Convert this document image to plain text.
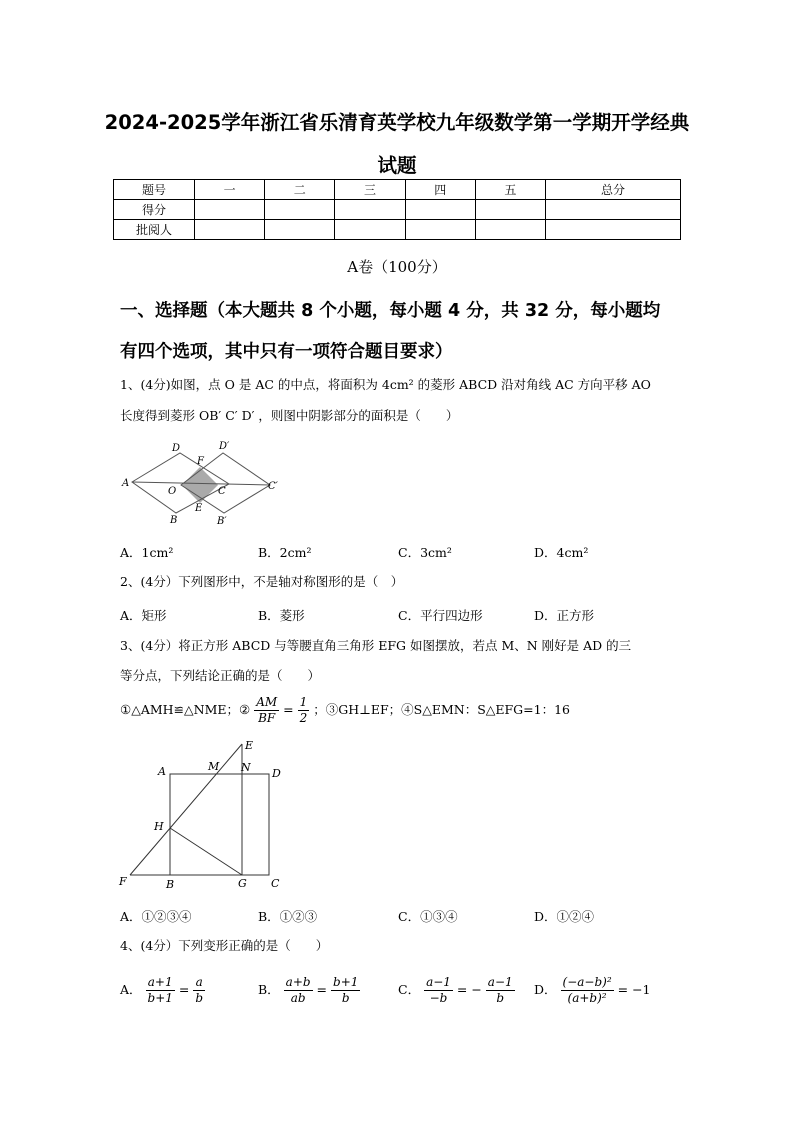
2024-2025学年浙江省乐清育英学校九年级数学第一学期开学经典
试题
题号	一	二	三	四	五	总分
得分						
批阅人						
A卷（100分）
一、选择题（本大题共 8 个小题，每小题 4 分，共 32 分，每小题均
有四个选项，其中只有一项符合题目要求）
1、(4分)如图，点 O 是 AC 的中点，将面积为 4cm² 的菱形 ABCD 沿对角线 AC 方向平移 AO
长度得到菱形 OB′ C′ D′ ，则图中阴影部分的面积是（　　）
D	D′
F
A
O	C	C′
E
B	B′
A．1cm²	B．2cm²	C．3cm²	D．4cm²
2、(4分）下列图形中，不是轴对称图形的是（　）
A．矩形	B．菱形	C．平行四边形	D．正方形
3、(4分）将正方形 ABCD 与等腰直角三角形 EFG 如图摆放，若点 M、N 刚好是 AD 的三
等分点，下列结论正确的是（　　）
①△AMH≌△NME；② $\frac{AM}{BF} = \frac{1}{2}$ ；③GH⊥EF；④S△EMN：S△EFG=1：16
E
A	M N D
H
F	B	G C
A．①②③④	B．①②③	C．①③④	D．①②④
4、(4分）下列变形正确的是（　　）
A． $\frac{a+1}{b+1} = \frac{a}{b}$	B． $\frac{a+b}{ab} = \frac{b+1}{b}$	C． $\frac{a-1}{-b}$ = − $\frac{a-1}{b}$ D． $\frac{\text{(−a−b)²}}{\text{(a+b)²}} = -1$
